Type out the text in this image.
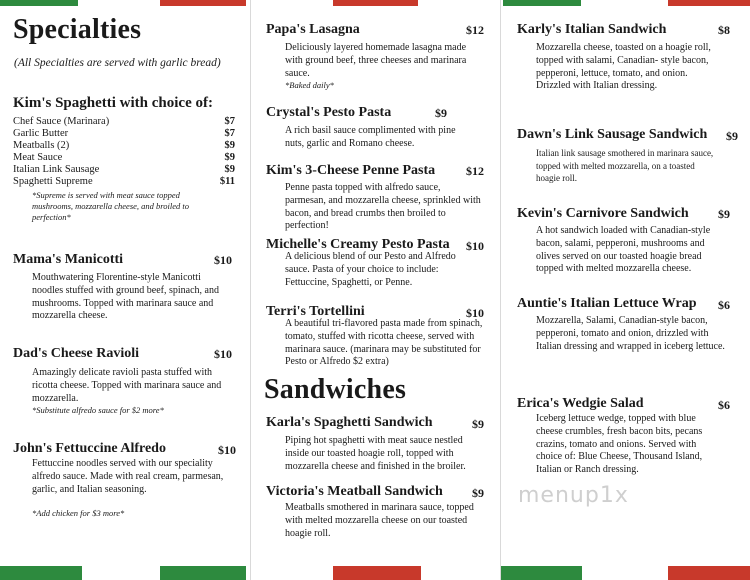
Specialties
(All Specialties are served with garlic bread)
Kim's Spaghetti with choice of:
Chef Sauce (Marinara)	$7
Garlic Butter	$7
Meatballs (2)	$9
Meat Sauce	$9
Italian Link Sausage	$9
Spaghetti Supreme	$11
*Supreme is served with meat sauce topped mushrooms, mozzarella cheese, and broiled to perfection*
Mama's Manicotti	$10
Mouthwatering Florentine-style Manicotti noodles stuffed with ground beef, spinach, and mushrooms. Topped with marinara sauce and mozzarella cheese.
Dad's Cheese Ravioli	$10
Amazingly delicate ravioli pasta stuffed with ricotta cheese. Topped with marinara sauce and mozzarella.
*Substitute alfredo sauce for $2 more*
John's Fettuccine Alfredo	$10
Fettuccine noodles served with our speciality alfredo sauce. Made with real cream, parmesan, garlic, and Italian seasoning.
*Add chicken for $3 more*
Papa's Lasagna	$12
Deliciously layered homemade lasagna made with ground beef, three cheeses and marinara sauce.
*Baked daily*
Crystal's Pesto Pasta	$9
A rich basil sauce complimented with pine nuts, garlic and Romano cheese.
Kim's 3-Cheese Penne Pasta	$12
Penne pasta topped with alfredo sauce, parmesan, and mozzarella cheese, sprinkled with bacon, and bread crumbs then broiled to perfection!
Michelle's Creamy Pesto Pasta	$10
A delicious blend of our Pesto and Alfredo sauce. Pasta of your choice to include: Fettuccine, Spaghetti, or Penne.
Terri's Tortellini	$10
A beautiful tri-flavored pasta made from spinach, tomato, stuffed with ricotta cheese, served with marinara sauce. (marinara may be substituted for Pesto or Alfredo $2 extra)
Sandwiches
Karla's Spaghetti Sandwich	$9
Piping hot spaghetti with meat sauce nestled inside our toasted hoagie roll, topped with mozzarella cheese and finished in the broiler.
Victoria's Meatball Sandwich	$9
Meatballs smothered in marinara sauce, topped with melted mozzarella cheese on our toasted hoagie roll.
Karly's Italian Sandwich	$8
Mozzarella cheese, toasted on a hoagie roll, topped with salami, Canadian- style bacon, pepperoni, lettuce, tomato, and onion. Drizzled with Italian dressing.
Dawn's Link Sausage Sandwich	$9
Italian link sausage smothered in marinara sauce, topped with melted mozzarella, on a toasted hoagie roll.
Kevin's Carnivore Sandwich	$9
A hot sandwich loaded with Canadian-style bacon, salami, pepperoni, mushrooms and olives served on our toasted hoagie bread topped with melted mozzarella cheese.
Auntie's Italian Lettuce Wrap	$6
Mozzarella, Salami, Canadian-style bacon, pepperoni, tomato and onion, drizzled with Italian dressing and wrapped in iceberg lettuce.
Erica's Wedgie Salad	$6
Iceberg lettuce wedge, topped with blue cheese crumbles, fresh bacon bits, pecans crazins, tomato and onions. Served with choice of: Blue Cheese, Thousand Island, Italian or Ranch dressing.
menup1x
